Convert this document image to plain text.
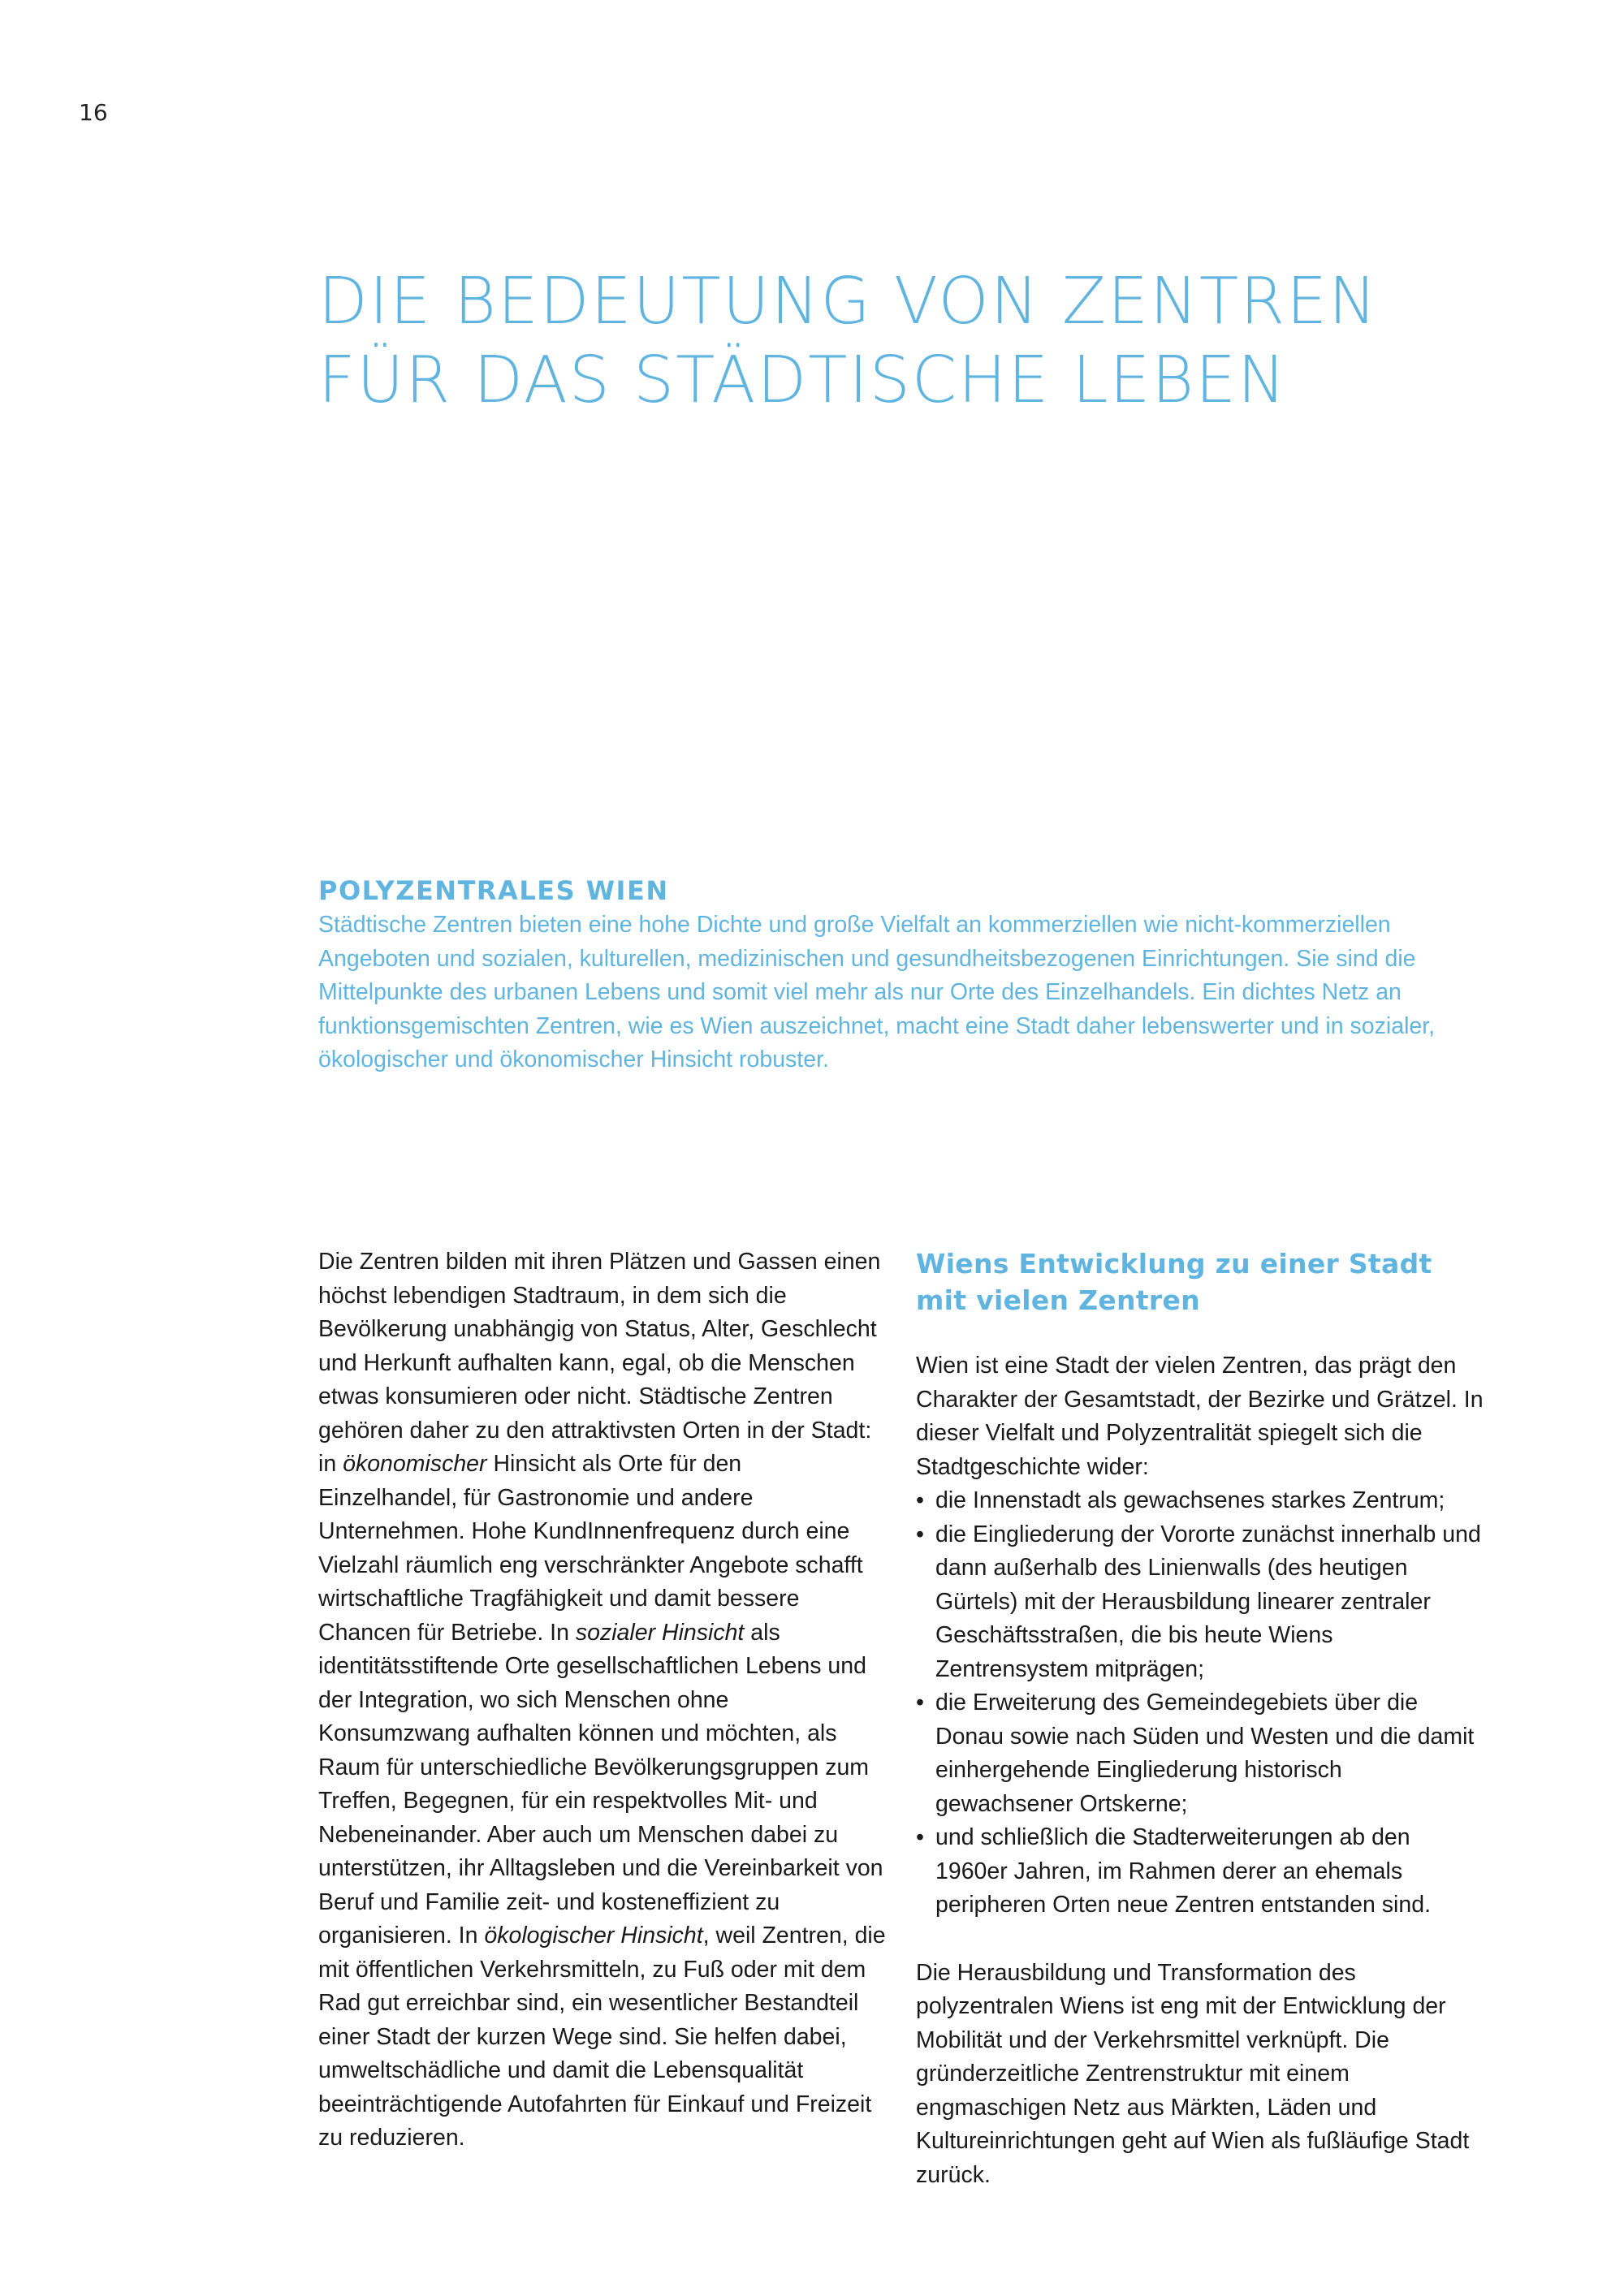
16
DIE BEDEUTUNG VON ZENTREN
FÜR DAS STÄDTISCHE LEBEN
POLYZENTRALES WIEN

Städtische Zentren bieten eine hohe Dichte und große Vielfalt an kommerziellen wie nicht-kommerziellen Angeboten und sozialen, kulturellen, medizinischen und gesundheitsbezogenen Einrichtungen. Sie sind die Mittelpunkte des urbanen Lebens und somit viel mehr als nur Orte des Einzelhandels. Ein dichtes Netz an funktionsgemischten Zentren, wie es Wien auszeichnet, macht eine Stadt daher lebenswerter und in sozialer, ökologischer und ökonomischer Hinsicht robuster.

Die Zentren bilden mit ihren Plätzen und Gassen einen höchst lebendigen Stadtraum, in dem sich die Bevölkerung unabhängig von Status, Alter, Geschlecht und Herkunft aufhalten kann, egal, ob die Menschen etwas konsumieren oder nicht. Städtische Zentren gehören daher zu den attraktivsten Orten in der Stadt: in ökonomischer Hinsicht als Orte für den Einzelhandel, für Gastronomie und andere Unternehmen. Hohe KundInnenfrequenz durch eine Vielzahl räumlich eng verschränkter Angebote schafft wirtschaftliche Tragfähigkeit und damit bessere Chancen für Betriebe. In sozialer Hinsicht als identitätsstiftende Orte gesellschaftlichen Lebens und der Integration, wo sich Menschen ohne Konsumzwang aufhalten können und möchten, als Raum für unterschiedliche Bevölkerungsgruppen zum Treffen, Begegnen, für ein respektvolles Mit- und Nebeneinander. Aber auch um Menschen dabei zu unterstützen, ihr Alltagsleben und die Vereinbarkeit von Beruf und Familie zeit- und kosteneffizient zu organisieren. In ökologischer Hinsicht, weil Zentren, die mit öffentlichen Verkehrsmitteln, zu Fuß oder mit dem Rad gut erreichbar sind, ein wesentlicher Bestandteil einer Stadt der kurzen Wege sind. Sie helfen dabei, umweltschädliche und damit die Lebensqualität beeinträchtigende Autofahrten für Einkauf und Freizeit zu reduzieren.

Wiens Entwicklung zu einer Stadt mit vielen Zentren

Wien ist eine Stadt der vielen Zentren, das prägt den Charakter der Gesamtstadt, der Bezirke und Grätzel. In dieser Vielfalt und Polyzentralität spiegelt sich die Stadtgeschichte wider:

• die Innenstadt als gewachsenes starkes Zentrum;
• die Eingliederung der Vororte zunächst innerhalb und dann außerhalb des Linienwalls (des heutigen Gürtels) mit der Herausbildung linearer zentraler Geschäftsstraßen, die bis heute Wiens Zentrensystem mitprägen;
• die Erweiterung des Gemeindegebiets über die Donau sowie nach Süden und Westen und die damit einhergehende Eingliederung historisch gewachsener Ortskerne;
• und schließlich die Stadterweiterungen ab den 1960er Jahren, im Rahmen derer an ehemals peripheren Orten neue Zentren entstanden sind.

Die Herausbildung und Transformation des polyzentralen Wiens ist eng mit der Entwicklung der Mobilität und der Verkehrsmittel verknüpft. Die gründerzeitliche Zentrenstruktur mit einem engmaschigen Netz aus Märkten, Läden und Kultureinrichtungen geht auf Wien als fußläufige Stadt zurück.
